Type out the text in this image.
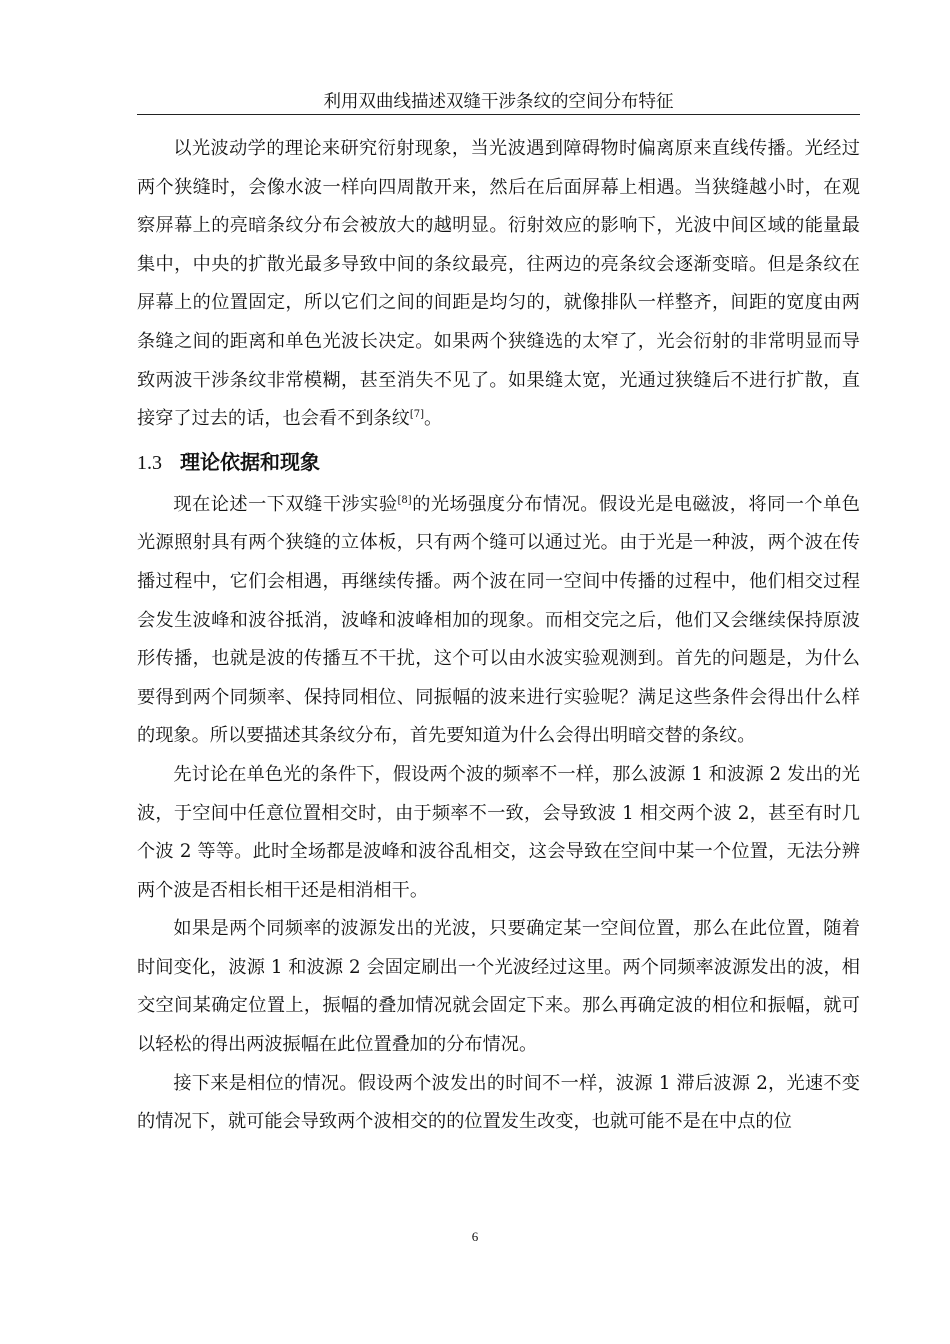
利用双曲线描述双缝干涉条纹的空间分布特征

以光波动学的理论来研究衍射现象，当光波遇到障碍物时偏离原来直线传播。光经过两个狭缝时，会像水波一样向四周散开来，然后在后面屏幕上相遇。当狭缝越小时，在观察屏幕上的亮暗条纹分布会被放大的越明显。衍射效应的影响下，光波中间区域的能量最集中，中央的扩散光最多导致中间的条纹最亮，往两边的亮条纹会逐渐变暗。但是条纹在屏幕上的位置固定，所以它们之间的间距是均匀的，就像排队一样整齐，间距的宽度由两条缝之间的距离和单色光波长决定。如果两个狭缝选的太窄了，光会衍射的非常明显而导致两波干涉条纹非常模糊，甚至消失不见了。如果缝太宽，光通过狭缝后不进行扩散，直接穿了过去的话，也会看不到条纹[7]。

1.3 理论依据和现象

现在论述一下双缝干涉实验[8]的光场强度分布情况。假设光是电磁波，将同一个单色光源照射具有两个狭缝的立体板，只有两个缝可以通过光。由于光是一种波，两个波在传播过程中，它们会相遇，再继续传播。两个波在同一空间中传播的过程中，他们相交过程会发生波峰和波谷抵消，波峰和波峰相加的现象。而相交完之后，他们又会继续保持原波形传播，也就是波的传播互不干扰，这个可以由水波实验观测到。首先的问题是，为什么要得到两个同频率、保持同相位、同振幅的波来进行实验呢？满足这些条件会得出什么样的现象。所以要描述其条纹分布，首先要知道为什么会得出明暗交替的条纹。

先讨论在单色光的条件下，假设两个波的频率不一样，那么波源 1 和波源 2 发出的光波，于空间中任意位置相交时，由于频率不一致，会导致波 1 相交两个波 2，甚至有时几个波 2 等等。此时全场都是波峰和波谷乱相交，这会导致在空间中某一个位置，无法分辨两个波是否相长相干还是相消相干。

如果是两个同频率的波源发出的光波，只要确定某一空间位置，那么在此位置，随着时间变化，波源 1 和波源 2 会固定刷出一个光波经过这里。两个同频率波源发出的波，相交空间某确定位置上，振幅的叠加情况就会固定下来。那么再确定波的相位和振幅，就可以轻松的得出两波振幅在此位置叠加的分布情况。

接下来是相位的情况。假设两个波发出的时间不一样，波源 1 滞后波源 2，光速不变的情况下，就可能会导致两个波相交的的位置发生改变，也就可能不是在中点的位

6
